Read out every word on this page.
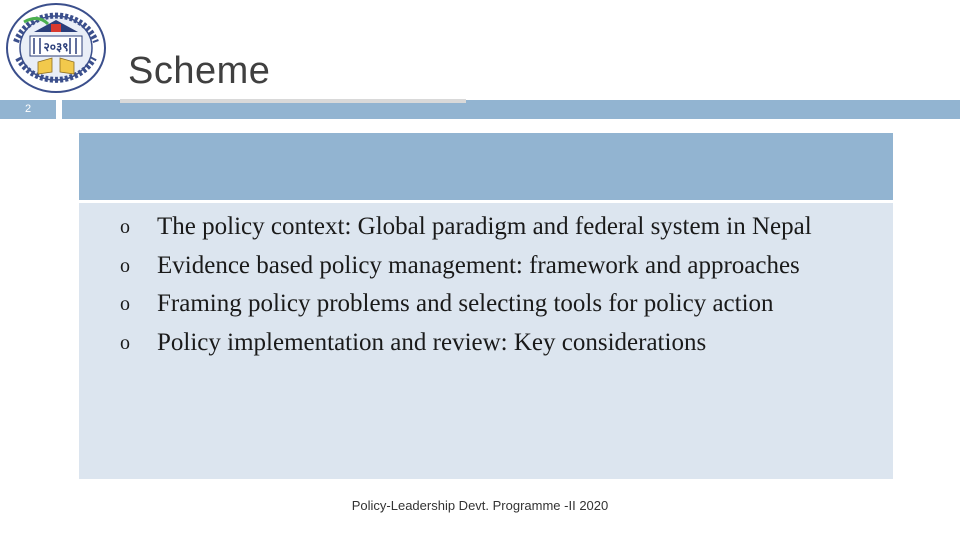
२०३९
Scheme
2
o The policy context: Global paradigm and federal system in Nepal
o Evidence based policy management: framework and approaches
o Framing policy problems and selecting tools for policy action
o Policy implementation and review: Key considerations
Policy-Leadership Devt. Programme -II 2020
